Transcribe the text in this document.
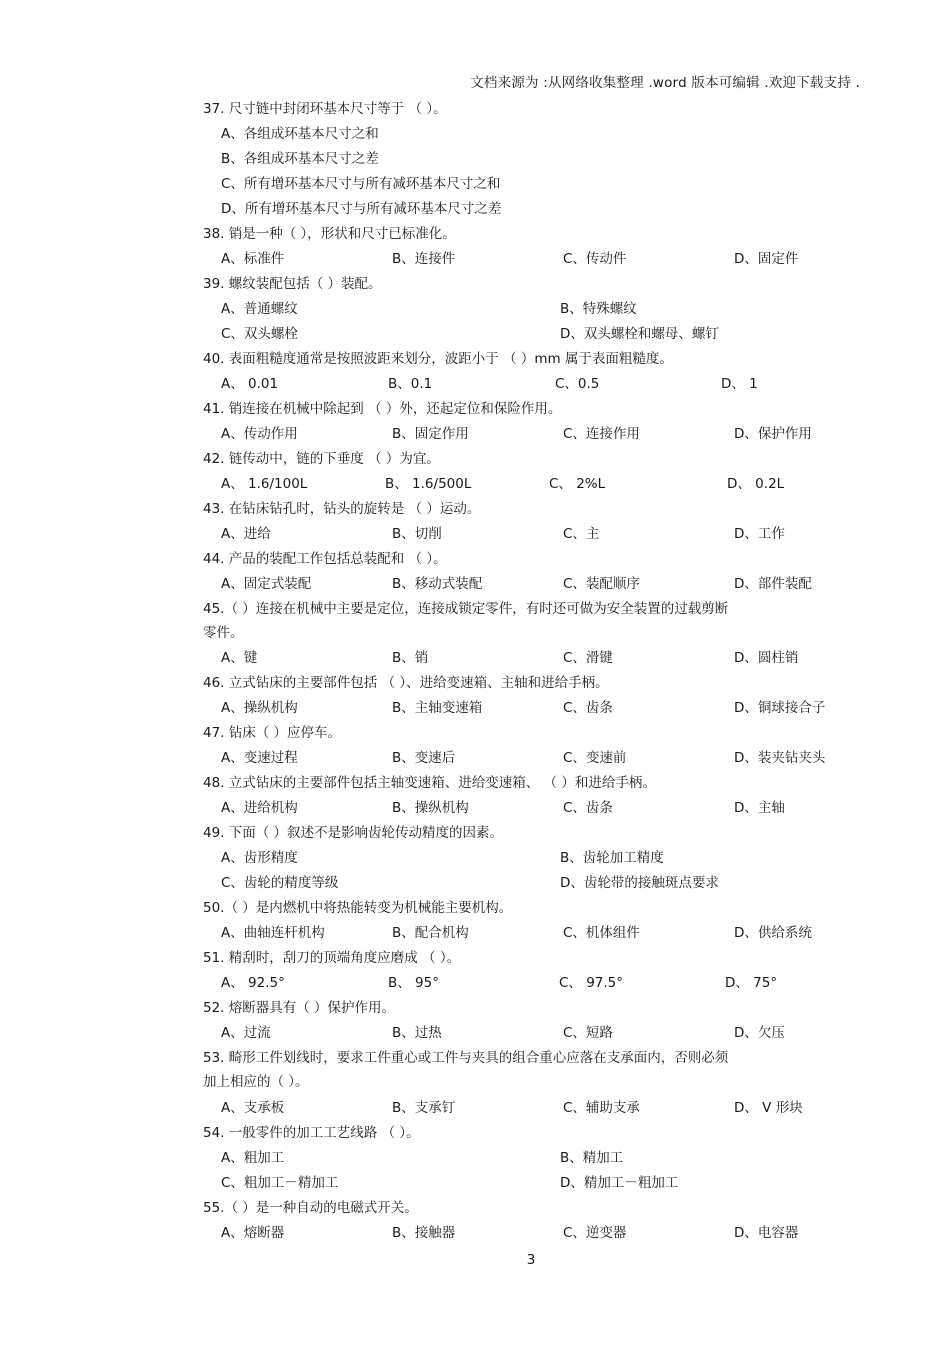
文档来源为 :从网络收集整理 .word 版本可编辑 .欢迎下载支持 .
37. 尺寸链中封闭环基本尺寸等于 （ ）。
A、各组成环基本尺寸之和
B、各组成环基本尺寸之差
C、所有增环基本尺寸与所有减环基本尺寸之和
D、所有增环基本尺寸与所有减环基本尺寸之差
38. 销是一种（ ），形状和尺寸已标准化。
A、标准件	B、连接件	C、传动件	D、固定件
39. 螺纹装配包括（ ）装配。
A、普通螺纹	B、特殊螺纹
C、双头螺栓	D、双头螺栓和螺母、螺钉
40. 表面粗糙度通常是按照波距来划分，波距小于 （ ）mm 属于表面粗糙度。
A、 0.01	B、0.1	C、0.5	D、 1
41. 销连接在机械中除起到 （ ）外，还起定位和保险作用。
A、传动作用	B、固定作用	C、连接作用	D、保护作用
42. 链传动中，链的下垂度 （ ）为宜。
A、 1.6/100L	B、 1.6/500L	C、 2%L	D、 0.2L
43. 在钻床钻孔时，钻头的旋转是 （ ）运动。
A、进给	B、切削	C、主	D、工作
44. 产品的装配工作包括总装配和 （ ）。
A、固定式装配	B、移动式装配	C、装配顺序	D、部件装配
45.（ ）连接在机械中主要是定位，连接成锁定零件，有时还可做为安全装置的过载剪断
零件。
A、键	B、销	C、滑键	D、圆柱销
46. 立式钻床的主要部件包括 （ ）、进给变速箱、主轴和进给手柄。
A、操纵机构	B、主轴变速箱	C、齿条	D、铜球接合子
47. 钻床（ ）应停车。
A、变速过程	B、变速后	C、变速前	D、装夹钻夹头
48. 立式钻床的主要部件包括主轴变速箱、进给变速箱、 （ ）和进给手柄。
A、进给机构	B、操纵机构	C、齿条	D、主轴
49. 下面（ ）叙述不是影响齿轮传动精度的因素。
A、齿形精度	B、齿轮加工精度
C、齿轮的精度等级	D、齿轮带的接触斑点要求
50.（ ）是内燃机中将热能转变为机械能主要机构。
A、曲轴连杆机构	B、配合机构	C、机体组件	D、供给系统
51. 精刮时，刮刀的顶端角度应磨成 （ ）。
A、 92.5°	B、 95°	C、 97.5°	D、 75°
52. 熔断器具有（ ）保护作用。
A、过流	B、过热	C、短路	D、欠压
53. 畸形工件划线时，要求工件重心或工件与夹具的组合重心应落在支承面内，否则必须
加上相应的（ ）。
A、支承板	B、支承钉	C、辅助支承	D、 V 形块
54. 一般零件的加工工艺线路 （ ）。
A、粗加工	B、精加工
C、粗加工－精加工	D、精加工－粗加工
55.（ ）是一种自动的电磁式开关。
A、熔断器	B、接触器	C、逆变器	D、电容器
3
